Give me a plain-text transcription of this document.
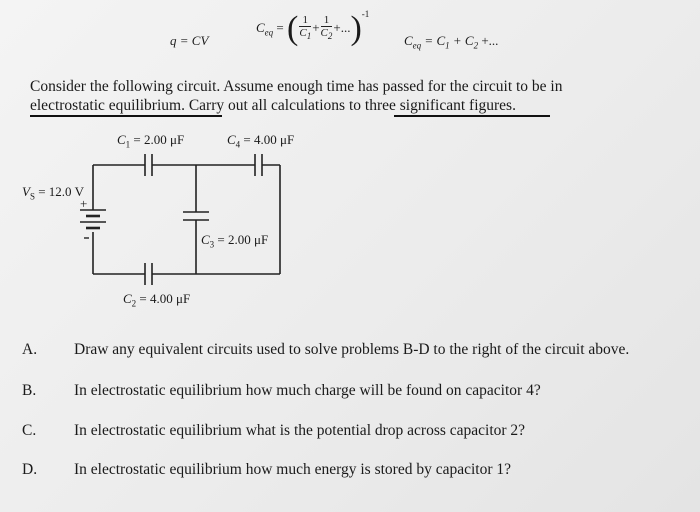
q = CV
$C_{eq}$ = ( $\frac{1}{C_1} + \frac{1}{C_2} +...)^{-1}$
$C_{eq} = C_1 + C_2$ +...
Consider the following circuit. Assume enough time has passed for the circuit to be in
electrostatic equilibrium. Carry out all calculations to three significant figures.
$C_1 = 2.00$ μF	$C_4 = 4.00$ μF
$V_S = 12.0$ V
+
$C_3 = 2.00$ μF
$C_2 = 4.00$ μF
A. Draw any equivalent circuits used to solve problems B-D to the right of the circuit above.
B. In electrostatic equilibrium how much charge will be found on capacitor 4?
C. In electrostatic equilibrium what is the potential drop across capacitor 2?
D. In electrostatic equilibrium how much energy is stored by capacitor 1?
